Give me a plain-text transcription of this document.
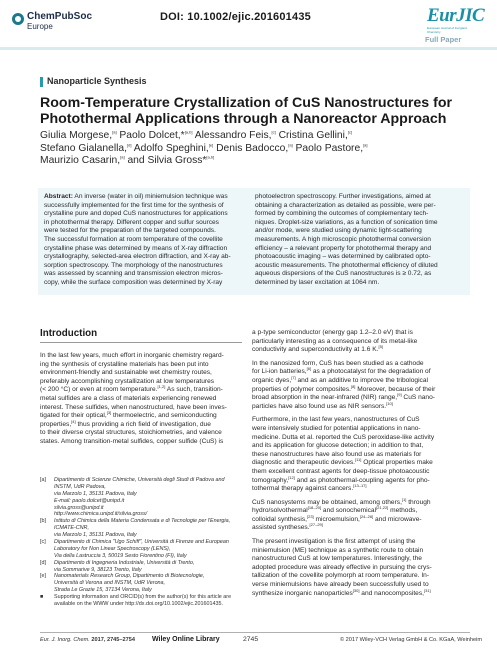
ChemPubSoc
Europe
DOI: 10.1002/ejic.201601435	EurJIC
European Journal of Inorganic Chemistry
Full Paper
Nanoparticle Synthesis
Room-Temperature Crystallization of CuS Nanostructures for
Photothermal Applications through a Nanoreactor Approach
Giulia Morgese,[a] Paolo Dolcet,*[a,b] Alessandro Feis,[c] Cristina Gellini,[c]
Stefano Gialanella,[d] Adolfo Speghini,[e] Denis Badocco,[a] Paolo Pastore,[a]
Maurizio Casarin,[a] and Silvia Gross*[a,b]
Abstract: An inverse (water in oil) miniemulsion technique was
successfully implemented for the first time for the synthesis of
crystalline pure and doped CuS nanostructures for applications
in photothermal therapy. Different copper and sulfur sources
were tested for the preparation of the targeted compounds.
The successful formation at room temperature of the covellite
crystalline phase was determined by means of X-ray diffraction
crystallography, selected-area electron diffraction, and X-ray ab-
sorption spectroscopy. The morphology of the nanostructures
was assessed by scanning and transmission electron micros-
copy, while the surface composition was determined by X-ray
photoelectron spectroscopy. Further investigations, aimed at
obtaining a characterization as detailed as possible, were per-
formed by combining the outcomes of complementary tech-
niques. Droplet-size variations, as a function of sonication time
and/or mode, were studied using dynamic light-scattering
measurements. A high microscopic photothermal conversion
efficiency – a relevant property for photothermal therapy and
photoacoustic imaging – was determined by calibrated opto-
acoustic measurements. The photothermal efficiency of diluted
aqueous dispersions of the CuS nanostructures is ≥ 0.72, as
determined by laser excitation at 1064 nm.
Introduction
In the last few years, much effort in inorganic chemistry regard-
ing the synthesis of crystalline materials has been put into
environment-friendly and sustainable wet chemistry routes,
preferably accomplishing crystallization at low temperatures
(< 200 °C) or even at room temperature.[1,2] As such, transition-
metal sulfides are a class of materials experiencing renewed
interest. These sulfides, when nanostructured, have been inves-
tigated for their optical,[3] thermoelectric, and semiconducting
properties,[4] thus providing a rich field of investigation, due
to their diverse crystal structures, stoichiometries, and valence
states. Among transition-metal sulfides, copper sulfide (CuS) is
a p-type semiconductor (energy gap 1.2–2.0 eV) that is
particularly interesting as a consequence of its metal-like
conductivity and superconductivity at 1.6 K.[5]

In the nanosized form, CuS has been studied as a cathode
for Li-ion batteries,[6] as a photocatalyst for the degradation of
organic dyes,[7] and as an additive to improve the tribological
properties of polymer composites.[8] Moreover, because of their
broad absorption in the near-infrared (NIR) range,[9] CuS nano-
particles have also found use as NIR sensors.[10]

Furthermore, in the last few years, nanostructures of CuS
were intensively studied for potential applications in nano-
medicine. Dutta et al. reported the CuS peroxidase-like activity
and its application for glucose detection; in addition to that,
these nanostructures have also found use as materials for
diagnostic and therapeutic devices.[11] Optical properties make
them excellent contrast agents for deep-tissue photoacoustic
tomography,[12] and as photothermal-coupling agents for pho-
tothermal therapy against cancers.[13–17]

CuS nanosystems may be obtained, among others,[1] through
hydro/solvothermal[18–20] and sonochemical[21,22] methods,
colloidal synthesis,[23] microemulsion,[24–26] and microwave-
assisted syntheses.[27–29]

The present investigation is the first attempt of using the
miniemulsion (ME) technique as a synthetic route to obtain
nanostructured CuS at low temperatures. Interestingly, the
adopted procedure was already effective in pursuing the crys-
tallization of the covellite polymorph at room temperature. In-
verse miniemulsions have already been successfully used to
synthesize inorganic nanoparticles[30] and nanocomposites,[31]
[a] Dipartimento di Scienze Chimiche, Università degli Studi di Padova and
INSTM, UdR Padova,
via Marzolo 1, 35131 Padova, Italy
E-mail: paolo.dolcet@unipd.it
silvia.gross@unipd.it
http://www.chimica.unipd.it/silvia.gross/
[b] Istituto di Chimica della Materia Condensata e di Tecnologie per l'Energia,
ICMATE-CNR,
via Marzolo 1, 35131 Padova, Italy
[c] Dipartimento di Chimica "Ugo Schiff", Università di Firenze and European
Laboratory for Non Linear Spectroscopy (LENS),
Via della Lastruccia 3, 50019 Sesto Fiorentino (FI), Italy
[d] Dipartimento di Ingegneria Industriale, Università di Trento,
via Sommarive 9, 38123 Trento, Italy
[e] Nanomaterials Research Group, Dipartimento di Biotecnologie,
Università di Verona and INSTM, UdR Verona,
Strada Le Grazie 15, 37134 Verona, Italy
■ Supporting information and ORCID(s) from the author(s) for this article are
available on the WWW under http://dx.doi.org/10.1002/ejic.201601435.
Eur. J. Inorg. Chem. 2017, 2745–2754 Wiley Online Library	2745	© 2017 Wiley-VCH Verlag GmbH & Co. KGaA, Weinheim
